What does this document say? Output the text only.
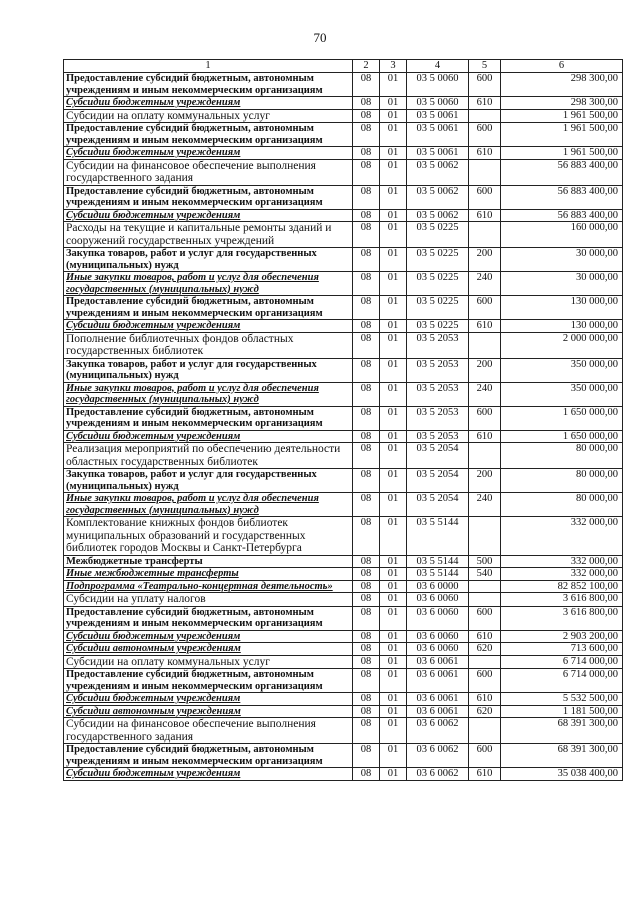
70
1	2	3	4	5	6
Предоставление субсидий бюджетным, автономным учреждениям и иным некоммерческим организациям	08	01	03 5 0060	600	298 300,00
Субсидии бюджетным учреждениям	08	01	03 5 0060	610	298 300,00
Субсидии на оплату коммунальных услуг	08	01	03 5 0061		1 961 500,00
Предоставление субсидий бюджетным, автономным учреждениям и иным некоммерческим организациям	08	01	03 5 0061	600	1 961 500,00
Субсидии бюджетным учреждениям	08	01	03 5 0061	610	1 961 500,00
Субсидии на финансовое обеспечение выполнения государственного задания	08	01	03 5 0062		56 883 400,00
Предоставление субсидий бюджетным, автономным учреждениям и иным некоммерческим организациям	08	01	03 5 0062	600	56 883 400,00
Субсидии бюджетным учреждениям	08	01	03 5 0062	610	56 883 400,00
Расходы на текущие и капитальные ремонты зданий и сооружений государственных учреждений	08	01	03 5 0225		160 000,00
Закупка товаров, работ и услуг для государственных (муниципальных) нужд	08	01	03 5 0225	200	30 000,00
Иные закупки товаров, работ и услуг для обеспечения государственных (муниципальных) нужд	08	01	03 5 0225	240	30 000,00
Предоставление субсидий бюджетным, автономным учреждениям и иным некоммерческим организациям	08	01	03 5 0225	600	130 000,00
Субсидии бюджетным учреждениям	08	01	03 5 0225	610	130 000,00
Пополнение библиотечных фондов областных государственных библиотек	08	01	03 5 2053		2 000 000,00
Закупка товаров, работ и услуг для государственных (муниципальных) нужд	08	01	03 5 2053	200	350 000,00
Иные закупки товаров, работ и услуг для обеспечения государственных (муниципальных) нужд	08	01	03 5 2053	240	350 000,00
Предоставление субсидий бюджетным, автономным учреждениям и иным некоммерческим организациям	08	01	03 5 2053	600	1 650 000,00
Субсидии бюджетным учреждениям	08	01	03 5 2053	610	1 650 000,00
Реализация мероприятий по обеспечению деятельности областных государственных библиотек	08	01	03 5 2054		80 000,00
Закупка товаров, работ и услуг для государственных (муниципальных) нужд	08	01	03 5 2054	200	80 000,00
Иные закупки товаров, работ и услуг для обеспечения государственных (муниципальных) нужд	08	01	03 5 2054	240	80 000,00
Комплектование книжных фондов библиотек муниципальных образований и государственных библиотек городов Москвы и Санкт-Петербурга	08	01	03 5 5144		332 000,00
Межбюджетные трансферты	08	01	03 5 5144	500	332 000,00
Иные межбюджетные трансферты	08	01	03 5 5144	540	332 000,00
Подпрограмма «Театрально-концертная деятельность»	08	01	03 6 0000		82 852 100,00
Субсидии на уплату налогов	08	01	03 6 0060		3 616 800,00
Предоставление субсидий бюджетным, автономным учреждениям и иным некоммерческим организациям	08	01	03 6 0060	600	3 616 800,00
Субсидии бюджетным учреждениям	08	01	03 6 0060	610	2 903 200,00
Субсидии автономным учреждениям	08	01	03 6 0060	620	713 600,00
Субсидии на оплату коммунальных услуг	08	01	03 6 0061		6 714 000,00
Предоставление субсидий бюджетным, автономным учреждениям и иным некоммерческим организациям	08	01	03 6 0061	600	6 714 000,00
Субсидии бюджетным учреждениям	08	01	03 6 0061	610	5 532 500,00
Субсидии автономным учреждениям	08	01	03 6 0061	620	1 181 500,00
Субсидии на финансовое обеспечение выполнения государственного задания	08	01	03 6 0062		68 391 300,00
Предоставление субсидий бюджетным, автономным учреждениям и иным некоммерческим организациям	08	01	03 6 0062	600	68 391 300,00
Субсидии бюджетным учреждениям	08	01	03 6 0062	610	35 038 400,00
